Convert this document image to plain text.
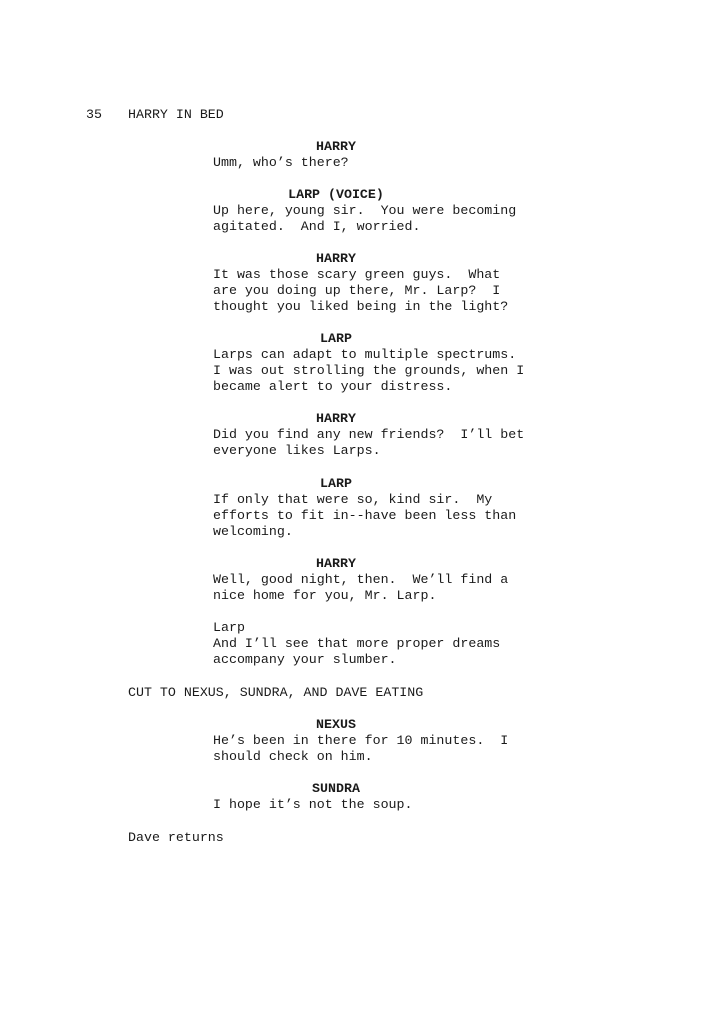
35 HARRY IN BED
HARRY
Umm, who’s there?
LARP (VOICE)
Up here, young sir.  You were becoming
agitated.  And I, worried.
HARRY
It was those scary green guys.  What
are you doing up there, Mr. Larp?  I
thought you liked being in the light?
LARP
Larps can adapt to multiple spectrums.
I was out strolling the grounds, when I
became alert to your distress.
HARRY
Did you find any new friends?  I’ll bet
everyone likes Larps.
LARP
If only that were so, kind sir.  My
efforts to fit in--have been less than
welcoming.
HARRY
Well, good night, then.  We’ll find a
nice home for you, Mr. Larp.
Larp
And I’ll see that more proper dreams
accompany your slumber.
CUT TO NEXUS, SUNDRA, AND DAVE EATING
NEXUS
He’s been in there for 10 minutes.  I
should check on him.
SUNDRA
I hope it’s not the soup.
Dave returns
